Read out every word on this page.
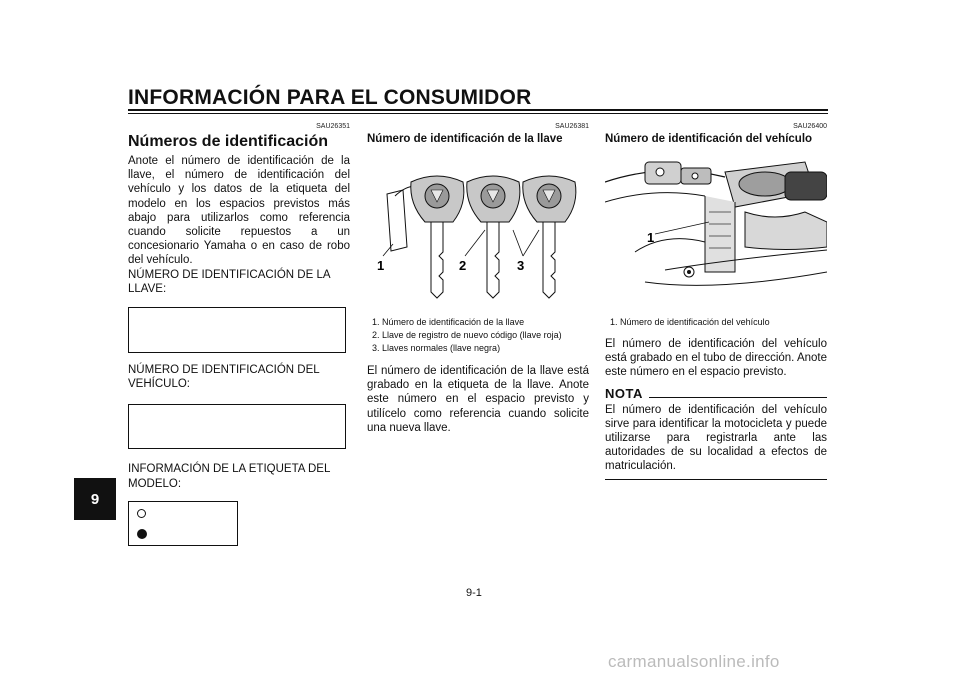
INFORMACIÓN PARA EL CONSUMIDOR
9
SAU26351
Números de identificación

Anote el número de identificación de la llave, el número de identificación del vehículo y los datos de la etiqueta del modelo en los espacios previstos más abajo para utilizarlos como referencia cuando solicite repuestos a un concesionario Yamaha o en caso de robo del vehículo.

NÚMERO DE IDENTIFICACIÓN DE LA LLAVE:

NÚMERO DE IDENTIFICACIÓN DEL VEHÍCULO:

INFORMACIÓN DE LA ETIQUETA DEL MODELO:

SAU26381
Número de identificación de la llave
1	2	3
1. Número de identificación de la llave
2. Llave de registro de nuevo código (llave roja)
3. Llaves normales (llave negra)

El número de identificación de la llave está grabado en la etiqueta de la llave. Anote este número en el espacio previsto y utilícelo como referencia cuando solicite una nueva llave.

SAU26400
Número de identificación del vehículo
1
1. Número de identificación del vehículo

El número de identificación del vehículo está grabado en el tubo de dirección. Anote este número en el espacio previsto.

NOTA

El número de identificación del vehículo sirve para identificar la motocicleta y puede utilizarse para registrarla ante las autoridades de su localidad a efectos de matriculación.

9-1
carmanualsonline.info
